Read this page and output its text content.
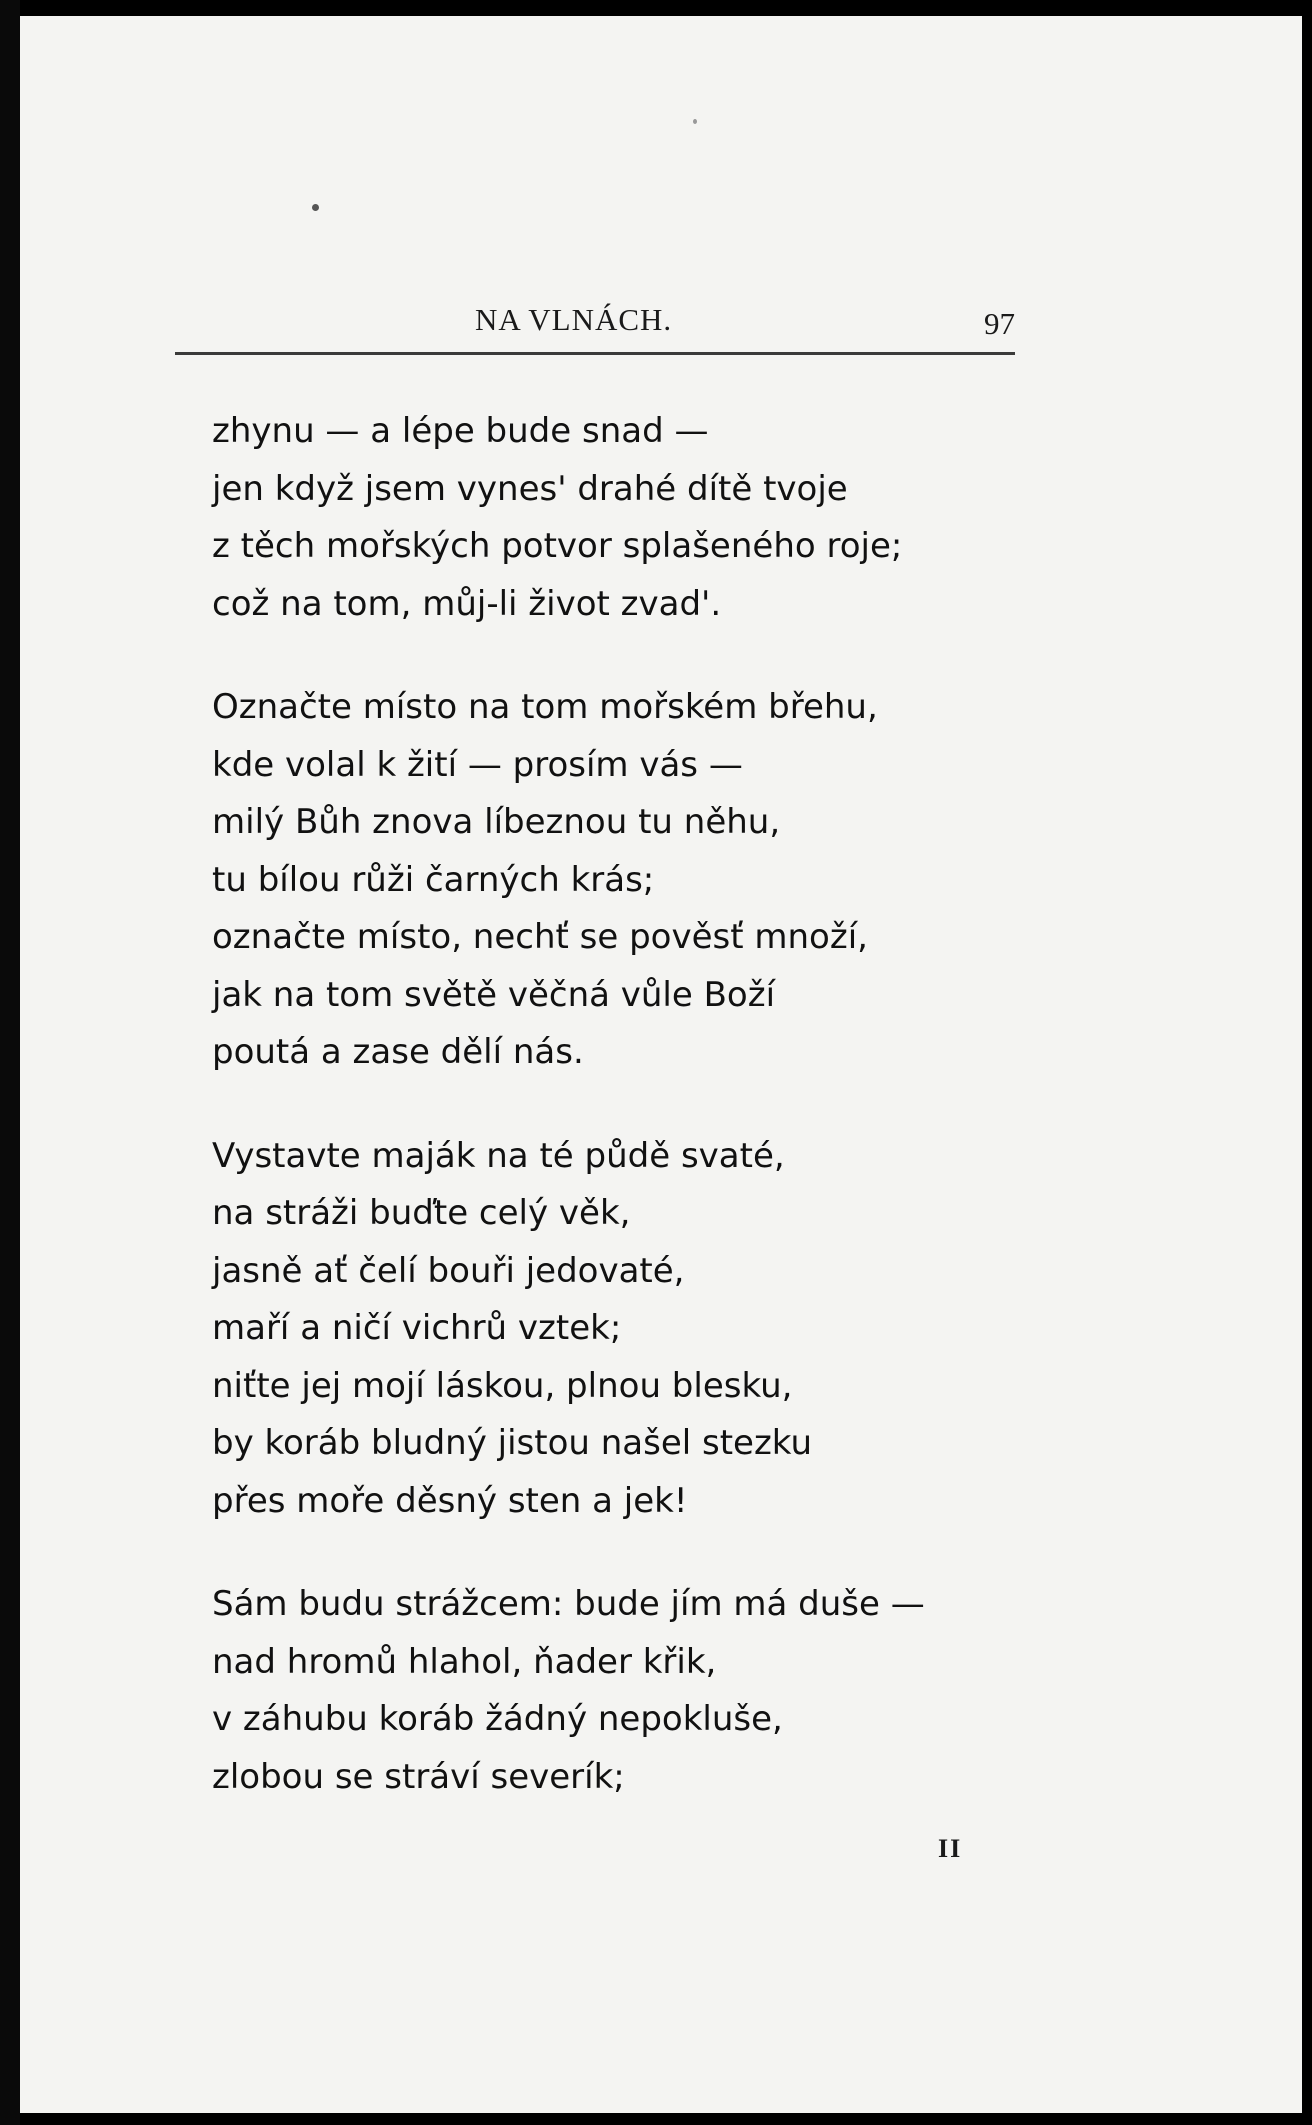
NA VLNÁCH.	97
zhynu — a lépe bude snad —
jen když jsem vynes' drahé dítě tvoje
z těch mořských potvor splašeného roje;
což na tom, můj-li život zvad'.
Označte místo na tom mořském břehu,
kde volal k žití — prosím vás —
milý Bůh znova líbeznou tu něhu,
tu bílou růži čarných krás;
označte místo, nechť se pověsť množí,
jak na tom světě věčná vůle Boží
poutá a zase dělí nás.
Vystavte maják na té půdě svaté,
na stráži buďte celý věk,
jasně ať čelí bouři jedovaté,
maří a ničí vichrů vztek;
niťte jej mojí láskou, plnou blesku,
by koráb bludný jistou našel stezku
přes moře děsný sten a jek!
Sám budu strážcem: bude jím má duše —
nad hromů hlahol, ňader křik,
v záhubu koráb žádný nepokluše,
zlobou se stráví severík;
II
